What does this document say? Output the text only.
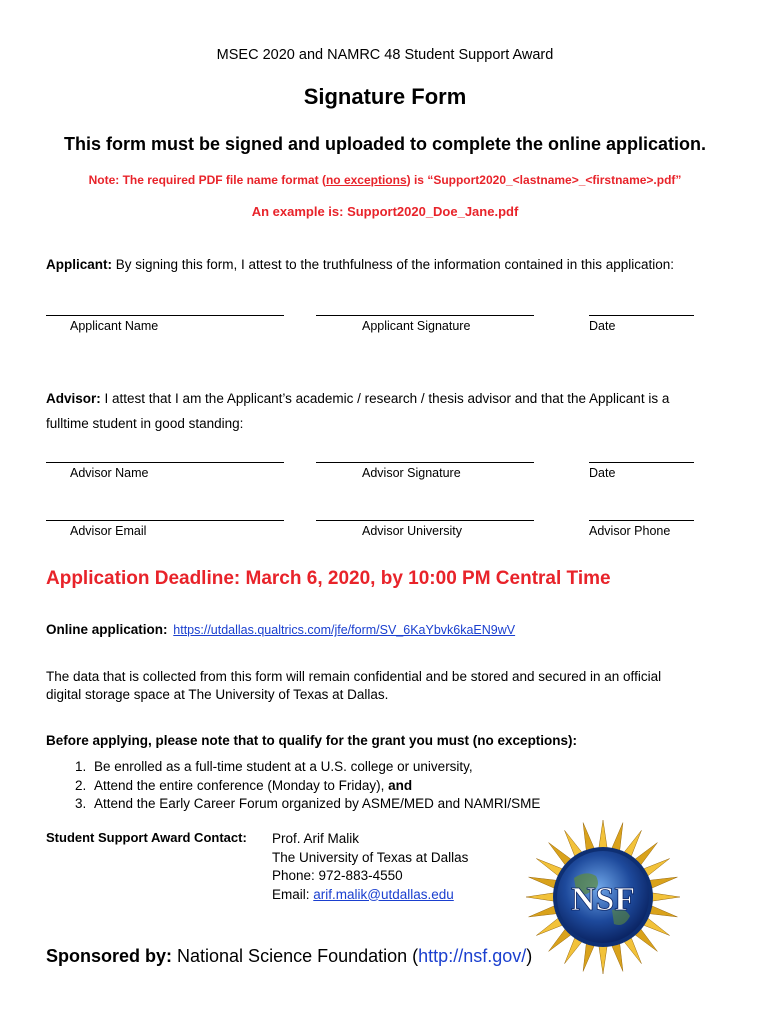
MSEC 2020 and NAMRC 48 Student Support Award
Signature Form
This form must be signed and uploaded to complete the online application.
Note: The required PDF file name format (no exceptions) is “Support2020_<lastname>_<firstname>.pdf”
An example is: Support2020_Doe_Jane.pdf
Applicant: By signing this form, I attest to the truthfulness of the information contained in this application:
Applicant Name	Applicant Signature	Date
Advisor: I attest that I am the Applicant’s academic / research / thesis advisor and that the Applicant is a
fulltime student in good standing:
Advisor Name	Advisor Signature	Date
Advisor Email	Advisor University	Advisor Phone
Application Deadline: March 6, 2020, by 10:00 PM Central Time
Online application: https://utdallas.qualtrics.com/jfe/form/SV_6KaYbvk6kaEN9wV
The data that is collected from this form will remain confidential and be stored and secured in an official
digital storage space at The University of Texas at Dallas.
Before applying, please note that to qualify for the grant you must (no exceptions):
1. Be enrolled as a full-time student at a U.S. college or university,
2. Attend the entire conference (Monday to Friday), and
3. Attend the Early Career Forum organized by ASME/MED and NAMRI/SME
Student Support Award Contact: Prof. Arif Malik
The University of Texas at Dallas
Phone: 972-883-4550
Email: arif.malik@utdallas.edu	NSF
Sponsored by: National Science Foundation (http://nsf.gov/)
